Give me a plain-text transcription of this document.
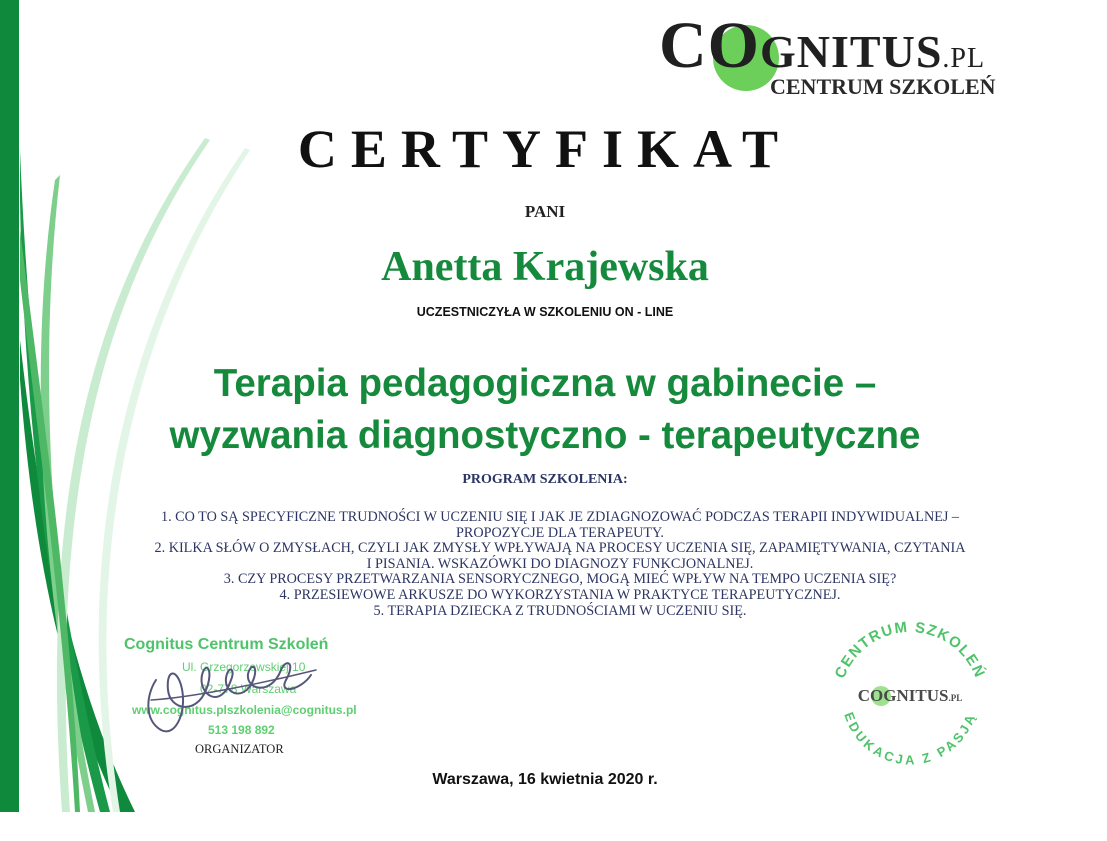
COGNITUS.PL
CENTRUM SZKOLEŃ
CERTYFIKAT
PANI
Anetta Krajewska
UCZESTNICZYŁA W SZKOLENIU ON - LINE
Terapia pedagogiczna w gabinecie –
wyzwania diagnostyczno - terapeutyczne
PROGRAM SZKOLENIA:
1. CO TO SĄ SPECYFICZNE TRUDNOŚCI W UCZENIU SIĘ I JAK JE ZDIAGNOZOWAĆ PODCZAS TERAPII INDYWIDUALNEJ –
PROPOZYCJE DLA TERAPEUTY.
2. KILKA SŁÓW O ZMYSŁACH, CZYLI JAK ZMYSŁY WPŁYWAJĄ NA PROCESY UCZENIA SIĘ, ZAPAMIĘTYWANIA, CZYTANIA
I PISANIA. WSKAZÓWKI DO DIAGNOZY FUNKCJONALNEJ.
3. CZY PROCESY PRZETWARZANIA SENSORYCZNEGO, MOGĄ MIEĆ WPŁYW NA TEMPO UCZENIA SIĘ?
4. PRZESIEWOWE ARKUSZE DO WYKORZYSTANIA W PRAKTYCE TERAPEUTYCZNEJ.
5. TERAPIA DZIECKA Z TRUDNOŚCIAMI W UCZENIU SIĘ.
Cognitus Centrum Szkoleń
Ul. Grzegorzewskiej 10
02-778 Warszawa
www.cognitus.plszkolenia@cognitus.pl
513 198 892
ORGANIZATOR
CENTRUM SZKOLEŃ
EDUKACJA Z PASJĄ
COGNITUS.PL
Warszawa, 16 kwietnia 2020 r.
